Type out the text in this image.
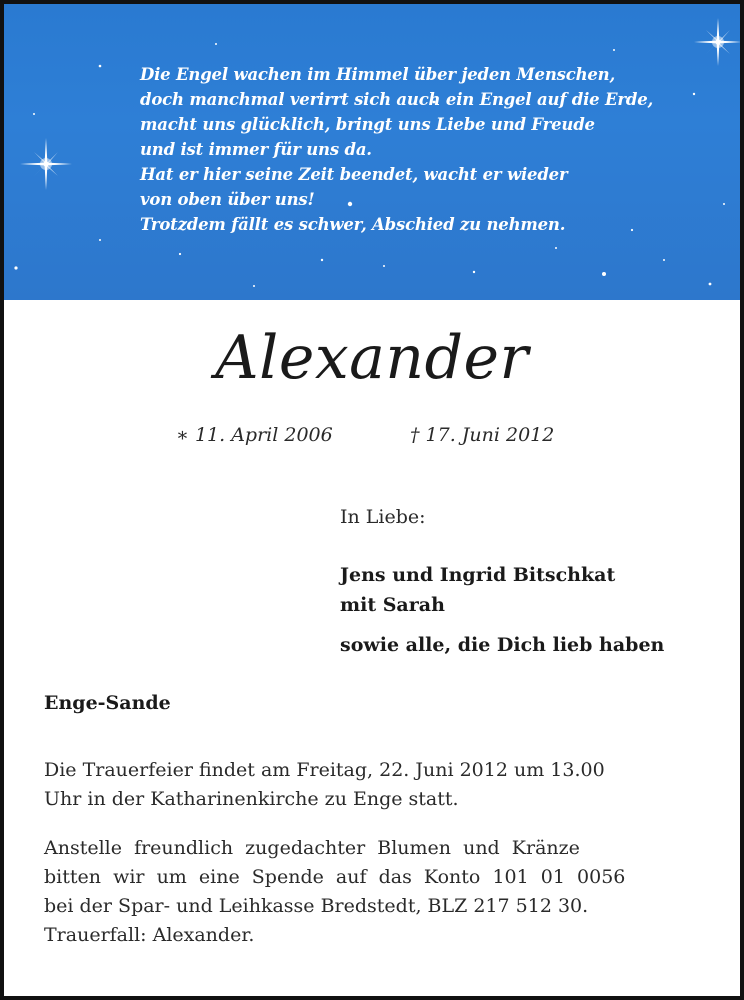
Die Engel wachen im Himmel über jeden Menschen,
doch manchmal verirrt sich auch ein Engel auf die Erde,
macht uns glücklich, bringt uns Liebe und Freude
und ist immer für uns da.
Hat er hier seine Zeit beendet, wacht er wieder
von oben über uns!
Trotzdem fällt es schwer, Abschied zu nehmen.
Alexander
∗ 11. April 2006	† 17. Juni 2012
In Liebe:
Jens und Ingrid Bitschkat
mit Sarah
sowie alle, die Dich lieb haben
Enge-Sande
Die Trauerfeier findet am Freitag, 22. Juni 2012 um 13.00
Uhr in der Katharinenkirche zu Enge statt.
Anstelle  freundlich  zugedachter  Blumen  und  Kränze
bitten  wir  um  eine  Spende  auf  das  Konto  101  01  0056
bei der Spar- und Leihkasse Bredstedt, BLZ 217 512 30.
Trauerfall: Alexander.
